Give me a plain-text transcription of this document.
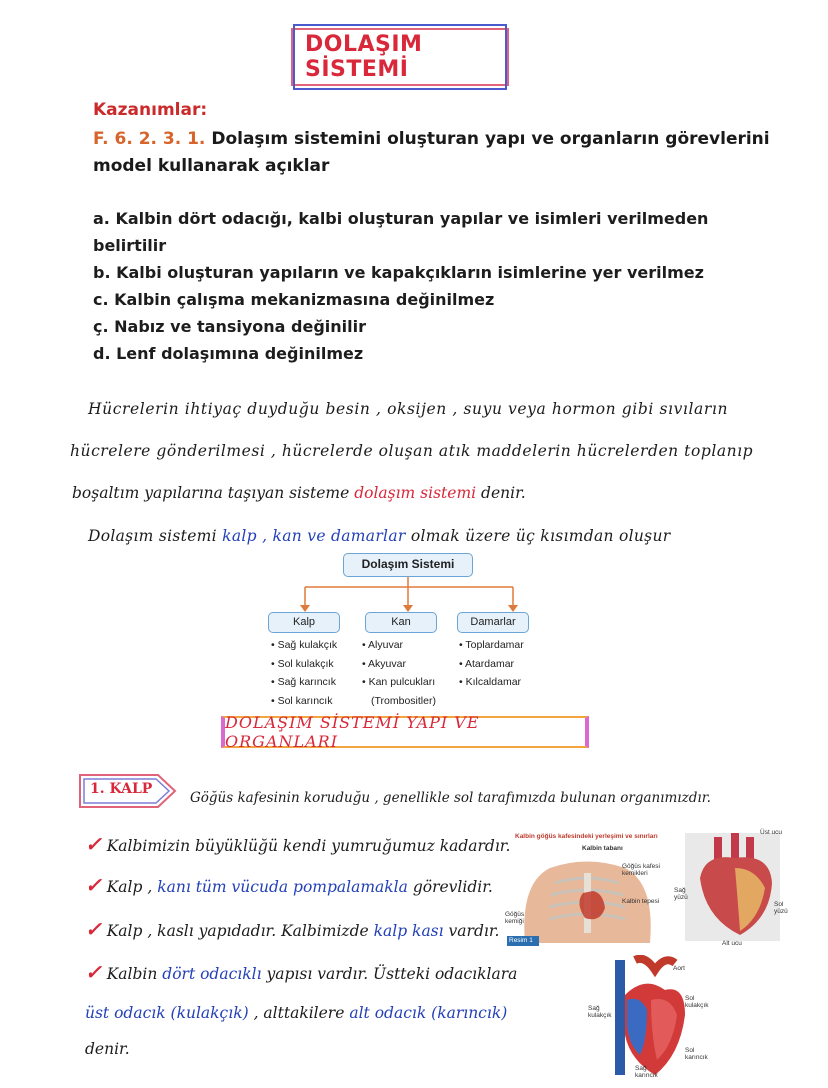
DOLAŞIM SİSTEMİ
Kazanımlar:
F. 6. 2. 3. 1. Dolaşım sistemini oluşturan yapı ve organların görevlerini
model kullanarak açıklar
a. Kalbin dört odacığı, kalbi oluşturan yapılar ve isimleri verilmeden
belirtilir
b. Kalbi oluşturan yapıların ve kapakçıkların isimlerine yer verilmez
c. Kalbin çalışma mekanizmasına değinilmez
ç. Nabız ve tansiyona değinilir
d. Lenf dolaşımına değinilmez
Hücrelerin ihtiyaç duyduğu besin , oksijen , suyu veya hormon gibi sıvıların
hücrelere gönderilmesi , hücrelerde oluşan atık maddelerin hücrelerden toplanıp
boşaltım yapılarına taşıyan sisteme dolaşım sistemi denir.
Dolaşım sistemi kalp , kan ve damarlar olmak üzere üç kısımdan oluşur
Dolaşım Sistemi
Kalp	Kan	Damarlar
• Sağ kulakçık
• Sol kulakçık
• Sağ karıncık
• Sol karıncık
• Alyuvar
• Akyuvar
• Kan pulcukları
(Trombositler)
• Toplardamar
• Atardamar
• Kılcaldamar
DOLAŞIM SİSTEMİ YAPI VE ORGANLARI
1. KALP
Göğüs kafesinin koruduğu , genellikle sol tarafımızda bulunan organımızdır.
✓ Kalbimizin büyüklüğü kendi yumruğumuz kadardır.
✓ Kalp , kanı tüm vücuda pompalamakla görevlidir.
✓ Kalp , kaslı yapıdadır. Kalbimizde kalp kası vardır.
✓ Kalbin dört odacıklı yapısı vardır. Üstteki odacıklara
üst odacık (kulakçık) , alttakilere alt odacık (karıncık)
denir.
Kalbin göğüs kafesindeki yerleşimi ve sınırları
Kalbin tabanı
Göğüs kafesi kemikleri
Kalbin tepesi
Göğüs kemiği
Resim 1
Üst ucu
Sağ yüzü
Sol yüzü
Alt ucu
Aort
Sol kulakçık
Sağ kulakçık
Sol karıncık
Sağ karıncık
